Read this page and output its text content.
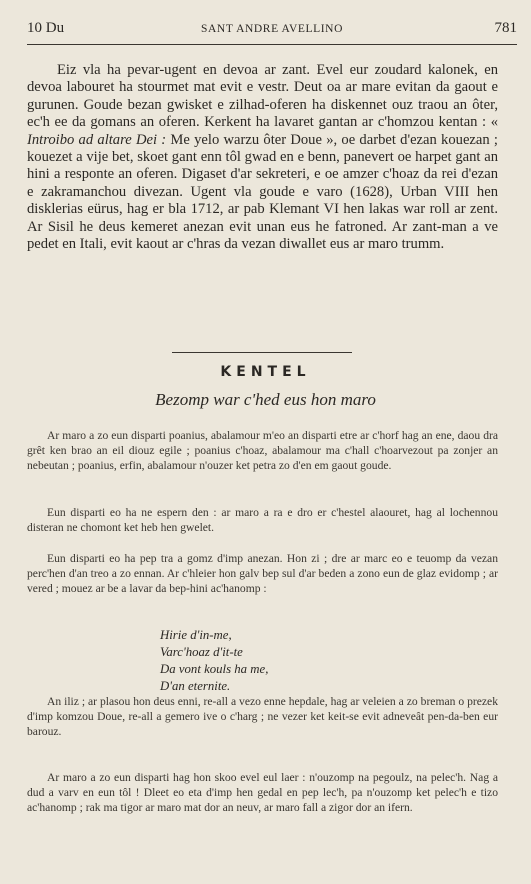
10 Du	SANT ANDRE AVELLINO	781

Eiz vla ha pevar-ugent en devoa ar zant. Evel eur zoudard kalonek, en devoa labouret ha stourmet mat evit e vestr. Deut oa ar mare evitan da gaout e gurunen. Goude bezan gwisket e zilhad-oferen ha diskennet ouz traou an ôter, ec'h ee da gomans an oferen. Kerkent ha lavaret gantan ar c'homzou kentan : « Introibo ad altare Dei : Me yelo warzu ôter Doue », oe darbet d'ezan kouezan ; kouezet a vije bet, skoet gant enn tôl gwad en e benn, panevert oe harpet gant an hini a responte an oferen. Digaset d'ar sekreteri, e oe amzer c'hoaz da rei d'ezan e zakramanchou divezan. Ugent vla goude e varo (1628), Urban VIII hen disklerias eürus, hag er bla 1712, ar pab Klemant VI hen lakas war roll ar zent. Ar Sisil he deus kemeret anezan evit unan eus he fatroned. Ar zant-man a ve pedet en Itali, evit kaout ar c'hras da vezan diwallet eus ar maro trumm.

KENTEL
Bezomp war c'hed eus hon maro

Ar maro a zo eun disparti poanius, abalamour m'eo an disparti etre ar c'horf hag an ene, daou dra grêt ken brao an eil diouz egile ; poanius c'hoaz, abalamour ma c'hall c'hoarvezout pa zonjer an nebeutan ; poanius, erfin, abalamour n'ouzer ket petra zo d'en em gaout goude.

Eun disparti eo ha ne espern den : ar maro a ra e dro er c'hestel alaouret, hag al lochennou disteran ne chomont ket heb hen gwelet.

Eun disparti eo ha pep tra a gomz d'imp anezan. Hon zi ; dre ar marc eo e teuomp da vezan perc'hen d'an treo a zo ennan. Ar c'hleier hon galv bep sul d'ar beden a zono eun de glaz evidomp ; ar vered ; mouez ar be a lavar da bep-hini ac'hanomp :

Hirie d'in-me,
Varc'hoaz d'it-te
Da vont kouls ha me,
D'an eternite.

An iliz ; ar plasou hon deus enni, re-all a vezo enne hepdale, hag ar veleien a zo breman o prezek d'imp komzou Doue, re-all a gemero ive o c'harg ; ne vezer ket keit-se evit adneveât pen-da-ben eur barouz.

Ar maro a zo eun disparti hag hon skoo evel eul laer : n'ouzomp na pegoulz, na pelec'h. Nag a dud a varv en eun tôl ! Dleet eo eta d'imp hen gedal en pep lec'h, pa n'ouzomp ket pelec'h e tizo ac'hanomp ; rak ma tigor ar maro mat dor an neuv, ar maro fall a zigor dor an ifern.
